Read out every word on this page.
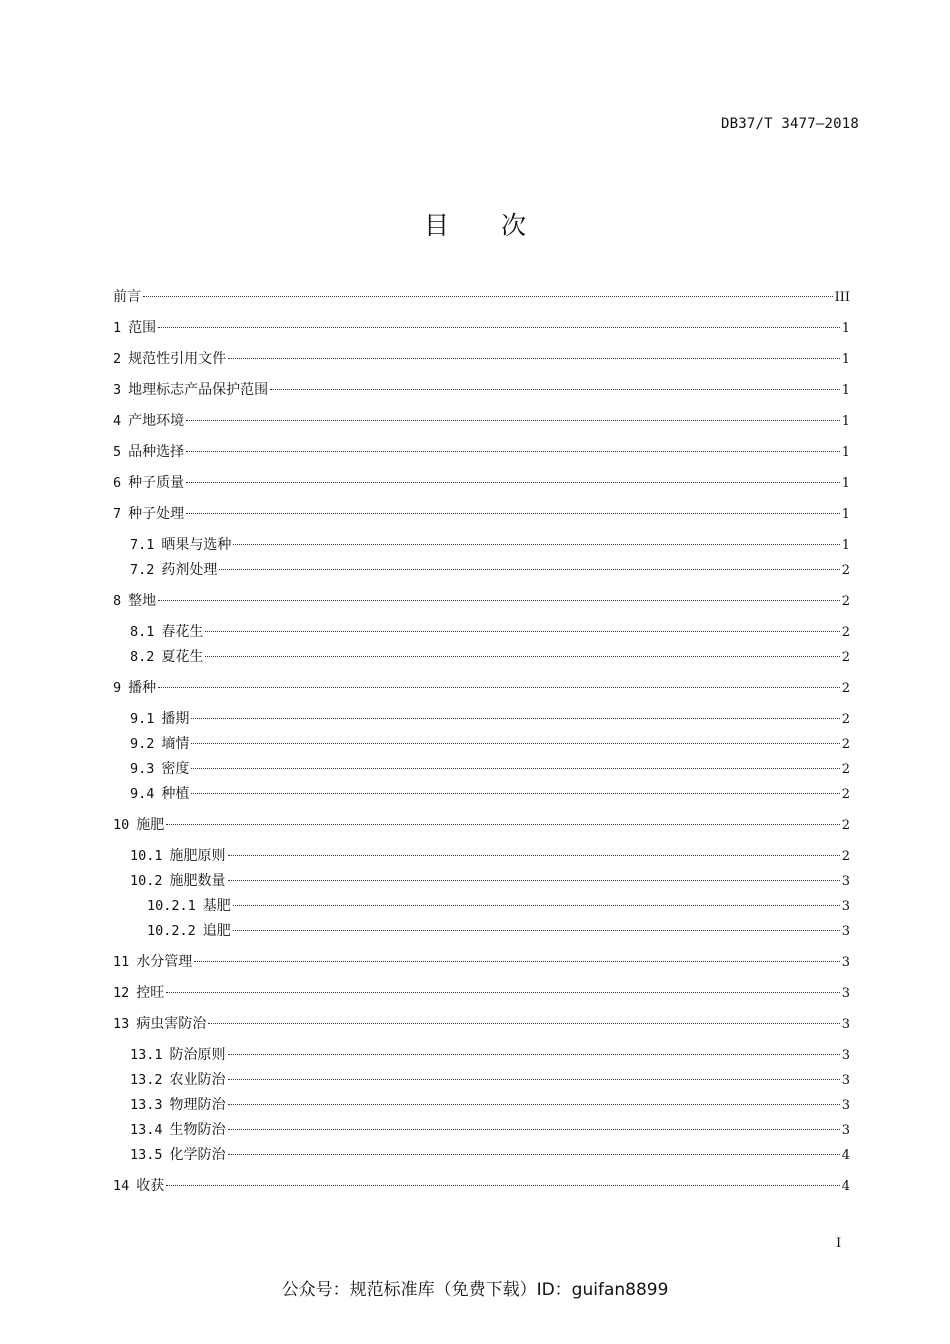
DB37/T 3477—2018
目 次
前言	III
1 范围	1
2 规范性引用文件	1
3 地理标志产品保护范围	1
4 产地环境	1
5 品种选择	1
6 种子质量	1
7 种子处理	1
7.1 晒果与选种	1
7.2 药剂处理	2
8 整地	2
8.1 春花生	2
8.2 夏花生	2
9 播种	2
9.1 播期	2
9.2 墒情	2
9.3 密度	2
9.4 种植	2
10 施肥	2
10.1 施肥原则	2
10.2 施肥数量	3
10.2.1 基肥	3
10.2.2 追肥	3
11 水分管理	3
12 控旺	3
13 病虫害防治	3
13.1 防治原则	3
13.2 农业防治	3
13.3 物理防治	3
13.4 生物防治	3
13.5 化学防治	4
14 收获	4
I
公众号：规范标准库（免费下载）ID：guifan8899
